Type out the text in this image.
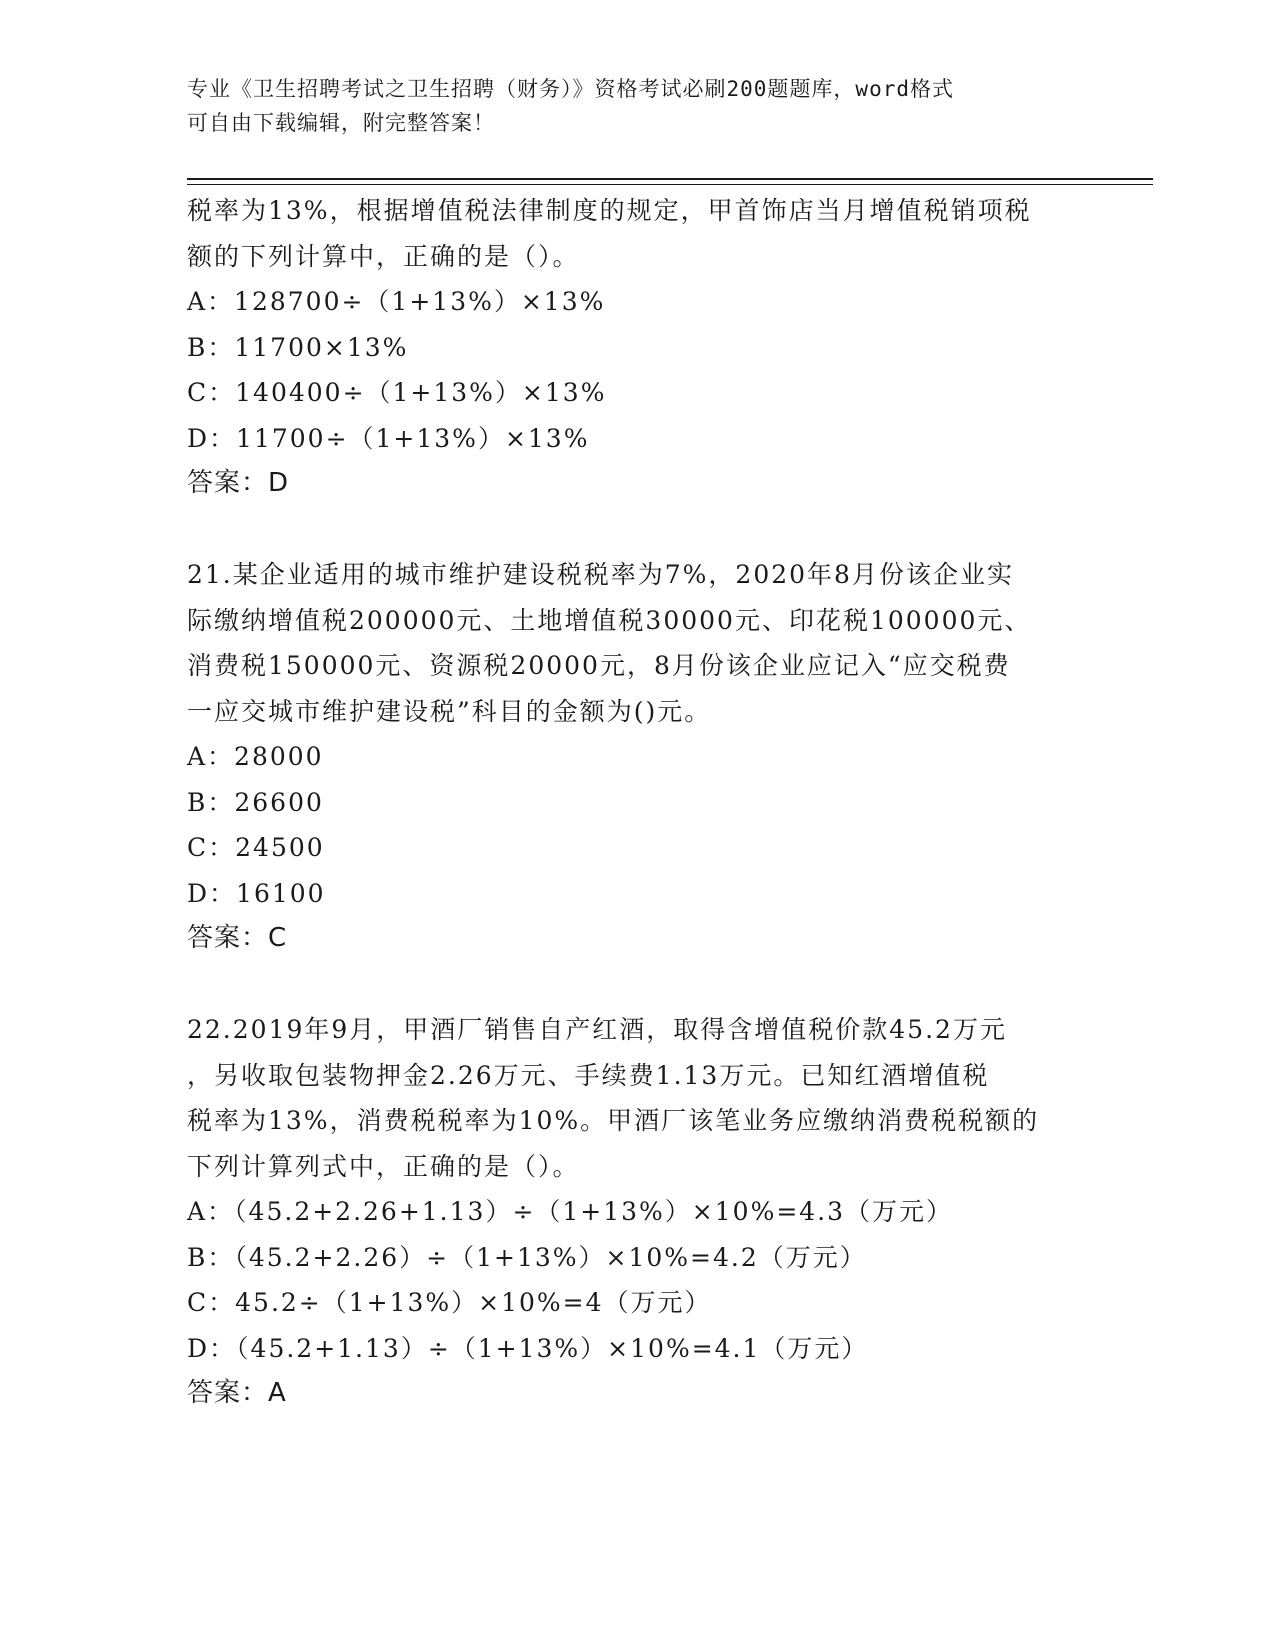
专业《卫生招聘考试之卫生招聘（财务）》资格考试必刷200题题库，word格式
可自由下载编辑，附完整答案！
税率为13%，根据增值税法律制度的规定，甲首饰店当月增值税销项税
额的下列计算中，正确的是（）。
A：128700÷（1+13%）×13%
B：11700×13%
C：140400÷（1+13%）×13%
D：11700÷（1+13%）×13%
答案：D
21.某企业适用的城市维护建设税税率为7%，2020年8月份该企业实
际缴纳增值税200000元、土地增值税30000元、印花税100000元、
消费税150000元、资源税20000元，8月份该企业应记入“应交税费
一应交城市维护建设税”科目的金额为()元。
A：28000
B：26600
C：24500
D：16100
答案：C
22.2019年9月，甲酒厂销售自产红酒，取得含增值税价款45.2万元
，另收取包装物押金2.26万元、手续费1.13万元。已知红酒增值税
税率为13%，消费税税率为10%。甲酒厂该笔业务应缴纳消费税税额的
下列计算列式中，正确的是（）。
A：（45.2+2.26+1.13）÷（1+13%）×10%=4.3（万元）
B：（45.2+2.26）÷（1+13%）×10%=4.2（万元）
C：45.2÷（1+13%）×10%=4（万元）
D：（45.2+1.13）÷（1+13%）×10%=4.1（万元）
答案：A
